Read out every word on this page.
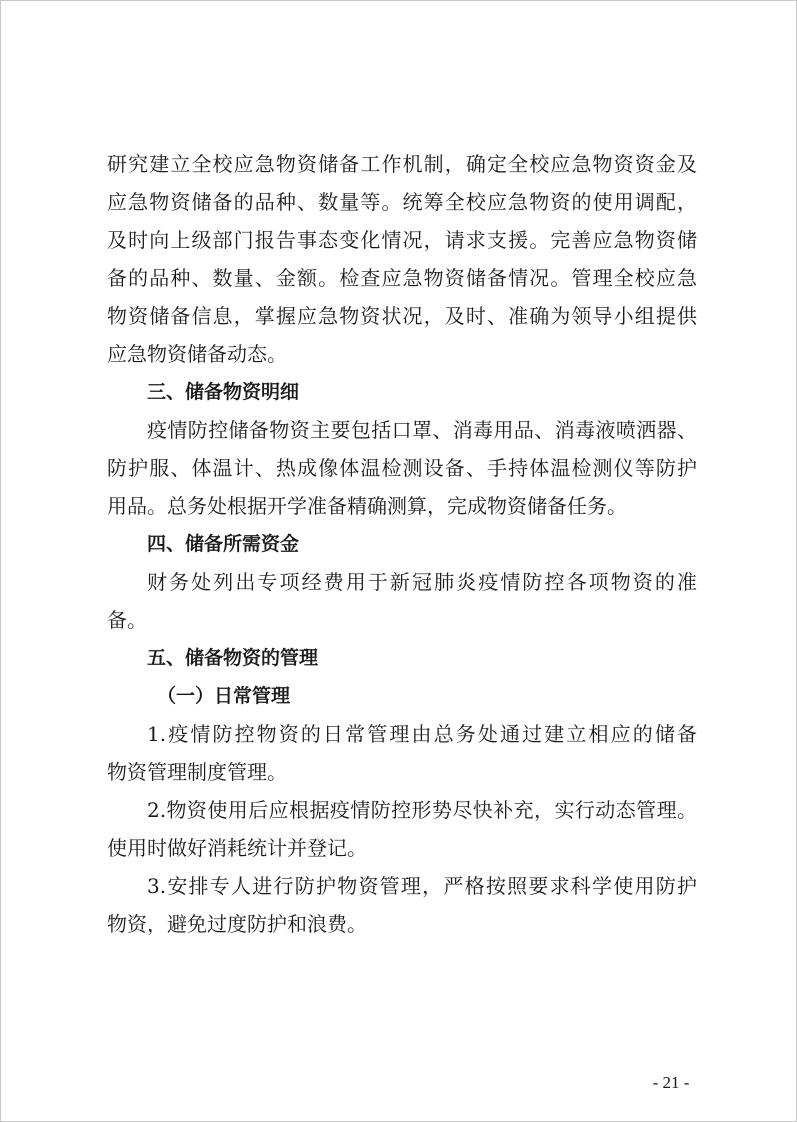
研究建立全校应急物资储备工作机制，确定全校应急物资资金及
应急物资储备的品种、数量等。统筹全校应急物资的使用调配，
及时向上级部门报告事态变化情况，请求支援。完善应急物资储
备的品种、数量、金额。检查应急物资储备情况。管理全校应急
物资储备信息，掌握应急物资状况，及时、准确为领导小组提供
应急物资储备动态。
三、储备物资明细
疫情防控储备物资主要包括口罩、消毒用品、消毒液喷洒器、
防护服、体温计、热成像体温检测设备、手持体温检测仪等防护
用品。总务处根据开学准备精确测算，完成物资储备任务。
四、储备所需资金
财务处列出专项经费用于新冠肺炎疫情防控各项物资的准
备。
五、储备物资的管理
（一）日常管理
1.疫情防控物资的日常管理由总务处通过建立相应的储备
物资管理制度管理。
2.物资使用后应根据疫情防控形势尽快补充，实行动态管理。
使用时做好消耗统计并登记。
3.安排专人进行防护物资管理，严格按照要求科学使用防护
物资，避免过度防护和浪费。
- 21 -
